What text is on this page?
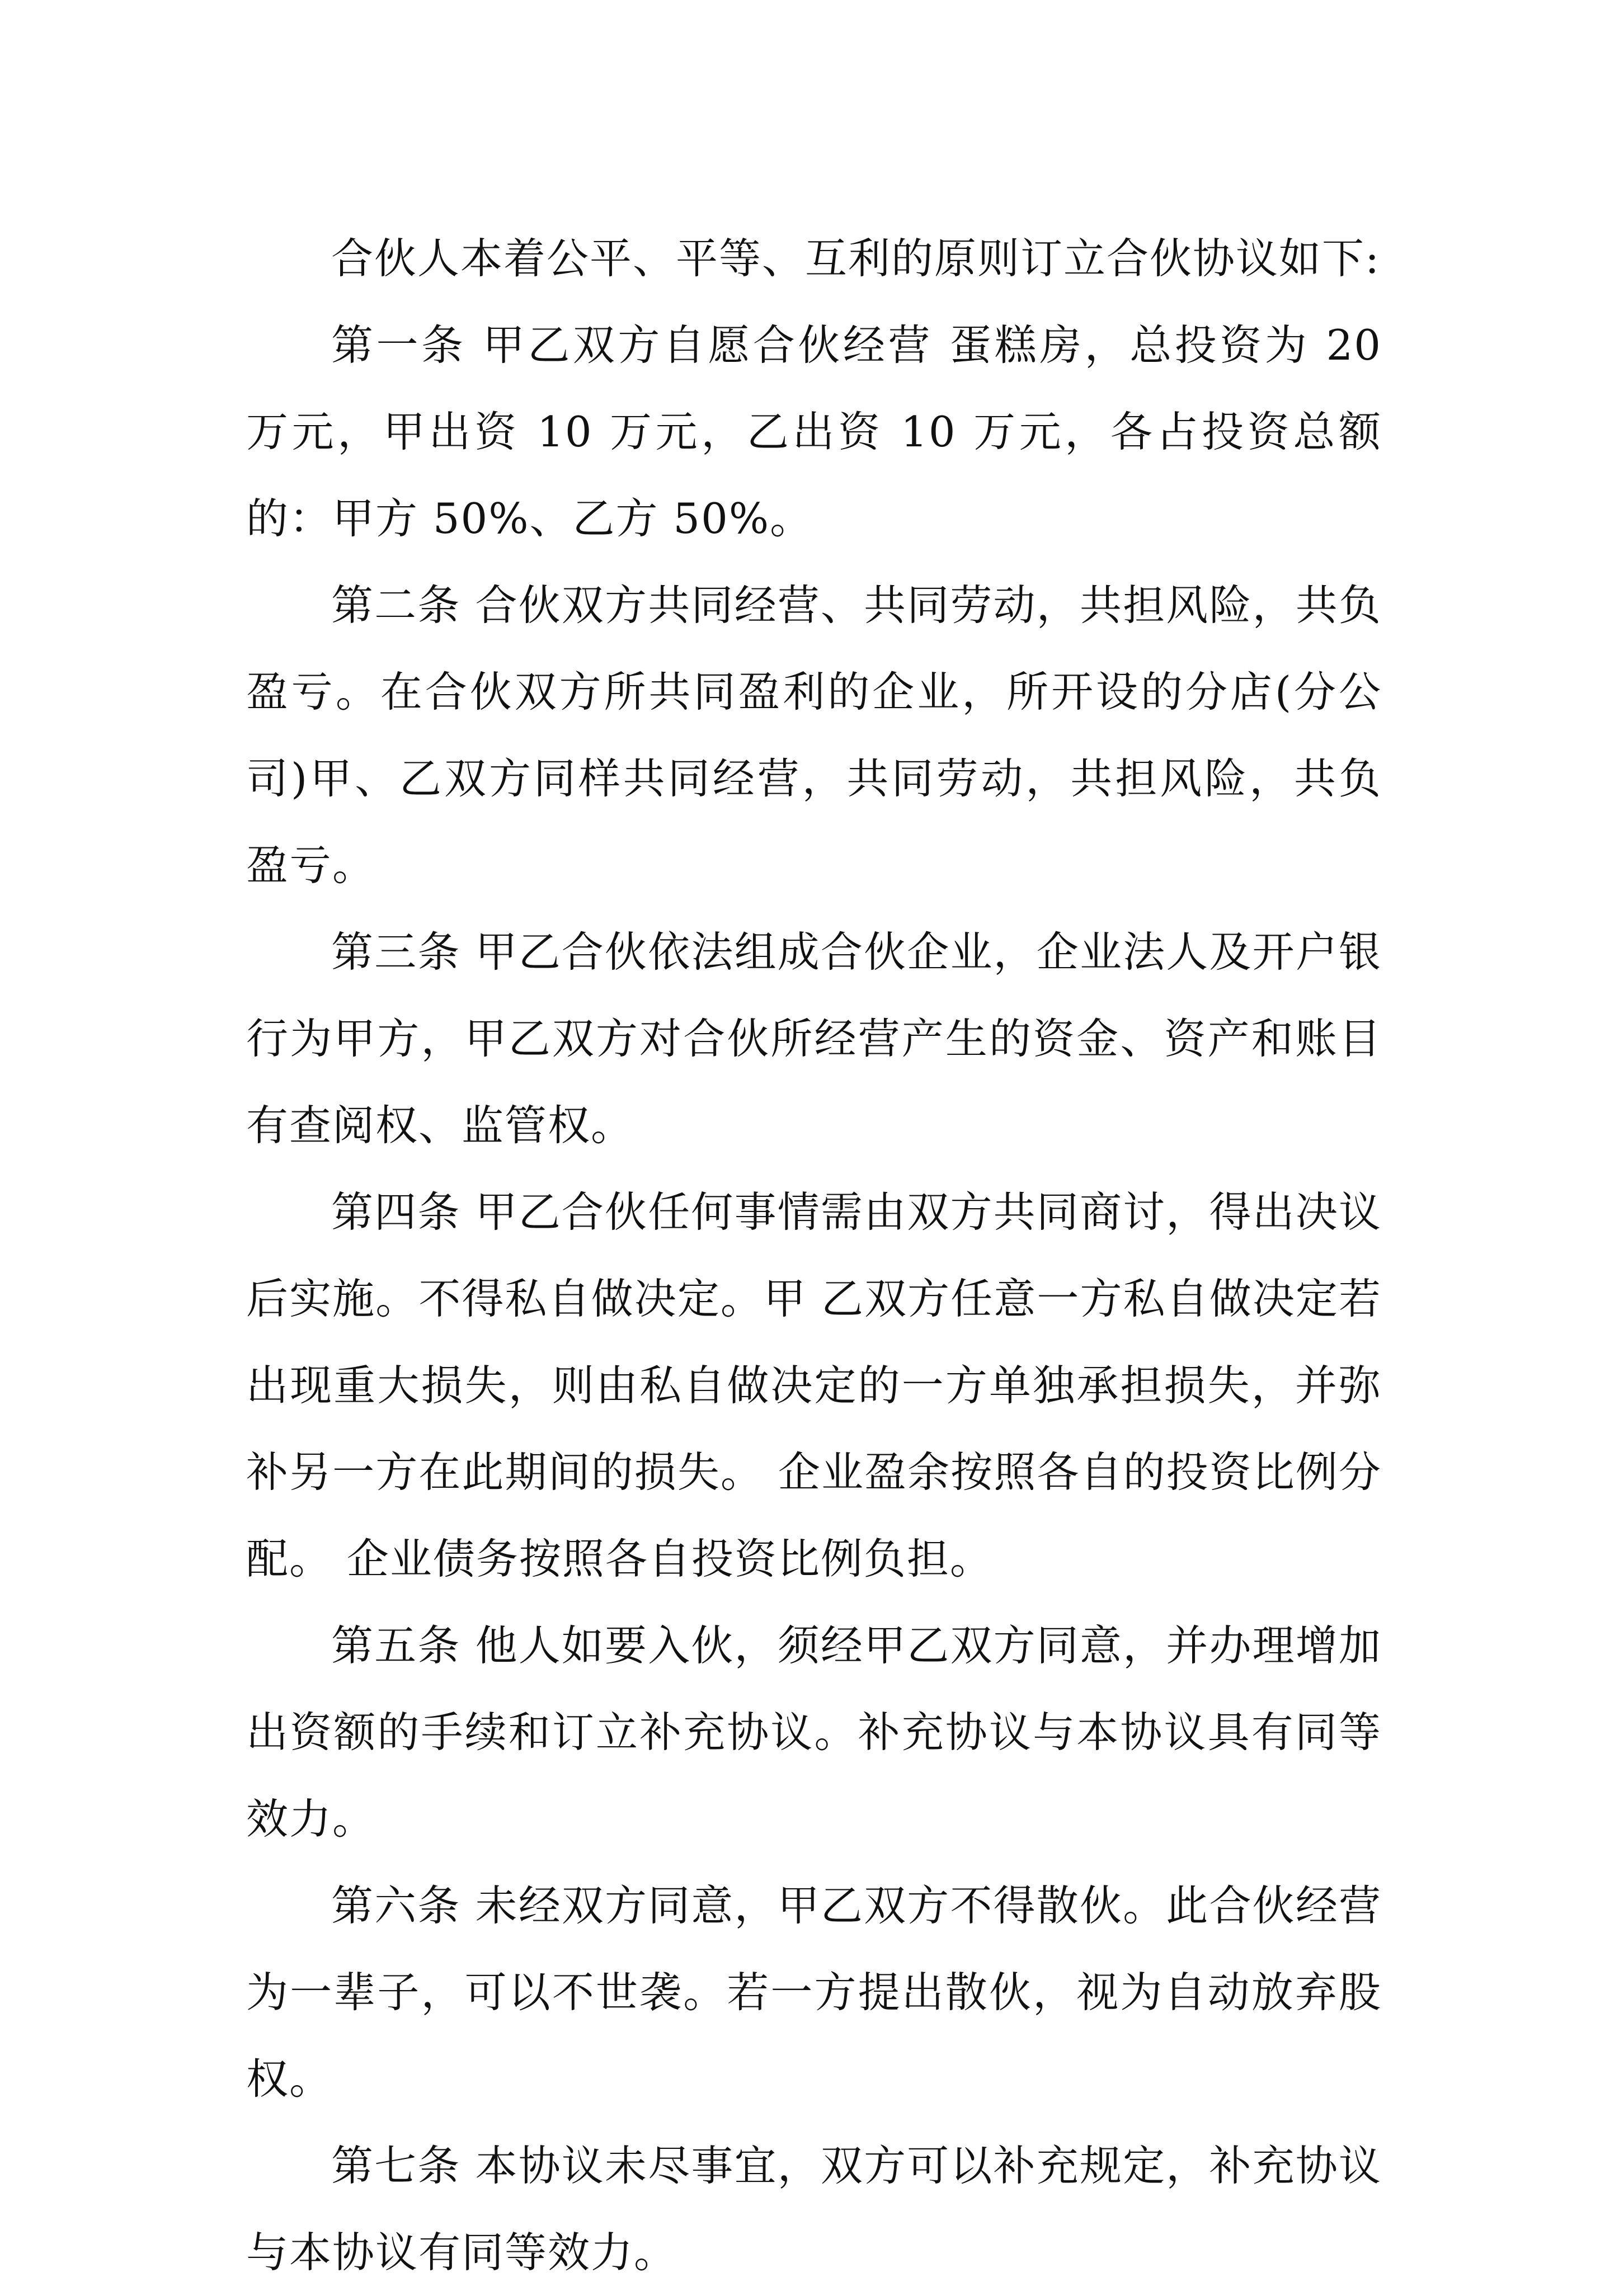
合伙人本着公平、平等、互利的原则订立合伙协议如下:

第一条 甲乙双方自愿合伙经营 蛋糕房，总投资为 20 万元，甲出资 10 万元，乙出资 10 万元，各占投资总额的：甲方 50%、乙方 50%。

第二条 合伙双方共同经营、共同劳动，共担风险，共负盈亏。在合伙双方所共同盈利的企业，所开设的分店(分公司)甲、乙双方同样共同经营，共同劳动，共担风险，共负盈亏。

第三条 甲乙合伙依法组成合伙企业，企业法人及开户银行为甲方，甲乙双方对合伙所经营产生的资金、资产和账目有查阅权、监管权。

第四条 甲乙合伙任何事情需由双方共同商讨，得出决议后实施。不得私自做决定。甲 乙双方任意一方私自做决定若出现重大损失，则由私自做决定的一方单独承担损失，并弥补另一方在此期间的损失。 企业盈余按照各自的投资比例分配。 企业债务按照各自投资比例负担。

第五条 他人如要入伙，须经甲乙双方同意，并办理增加出资额的手续和订立补充协议。补充协议与本协议具有同等效力。

第六条 未经双方同意，甲乙双方不得散伙。此合伙经营为一辈子，可以不世袭。若一方提出散伙，视为自动放弃股权。

第七条 本协议未尽事宜，双方可以补充规定，补充协议与本协议有同等效力。
